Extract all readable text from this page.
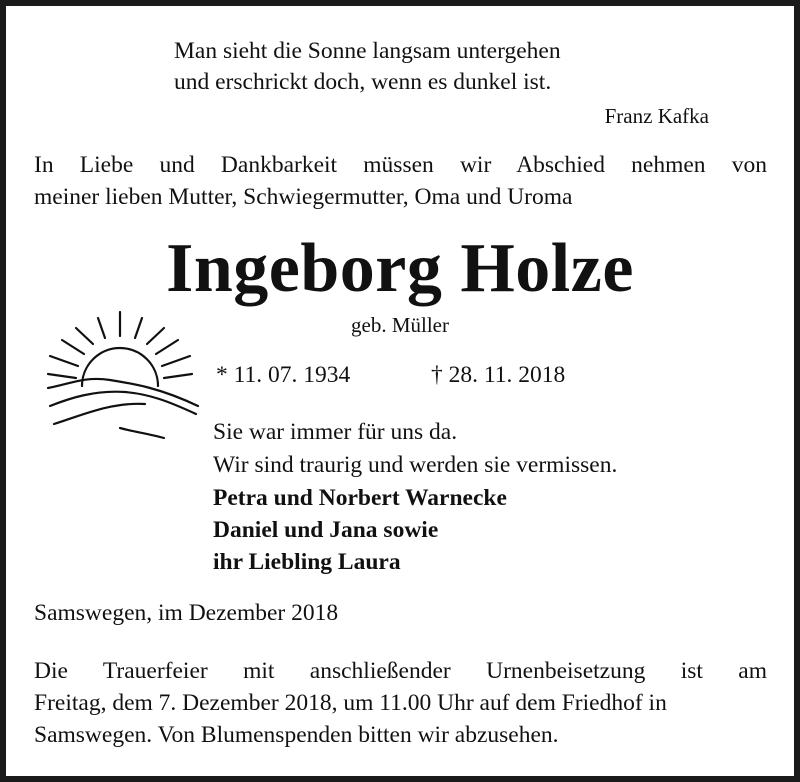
Man sieht die Sonne langsam untergehen

und erschrickt doch, wenn es dunkel ist.

Franz Kafka

In Liebe und Dankbarkeit müssen wir Abschied nehmen von

meiner lieben Mutter, Schwiegermutter, Oma und Uroma

Ingeborg Holze

geb. Müller

* 11. 07. 1934	† 28. 11. 2018

Sie war immer für uns da.

Wir sind traurig und werden sie vermissen.

Petra und Norbert Warnecke

Daniel und Jana sowie

ihr Liebling Laura

Samswegen, im Dezember 2018

Die Trauerfeier mit anschließender Urnenbeisetzung ist am

Freitag, dem 7. Dezember 2018, um 11.00 Uhr auf dem Friedhof in

Samswegen. Von Blumenspenden bitten wir abzusehen.
